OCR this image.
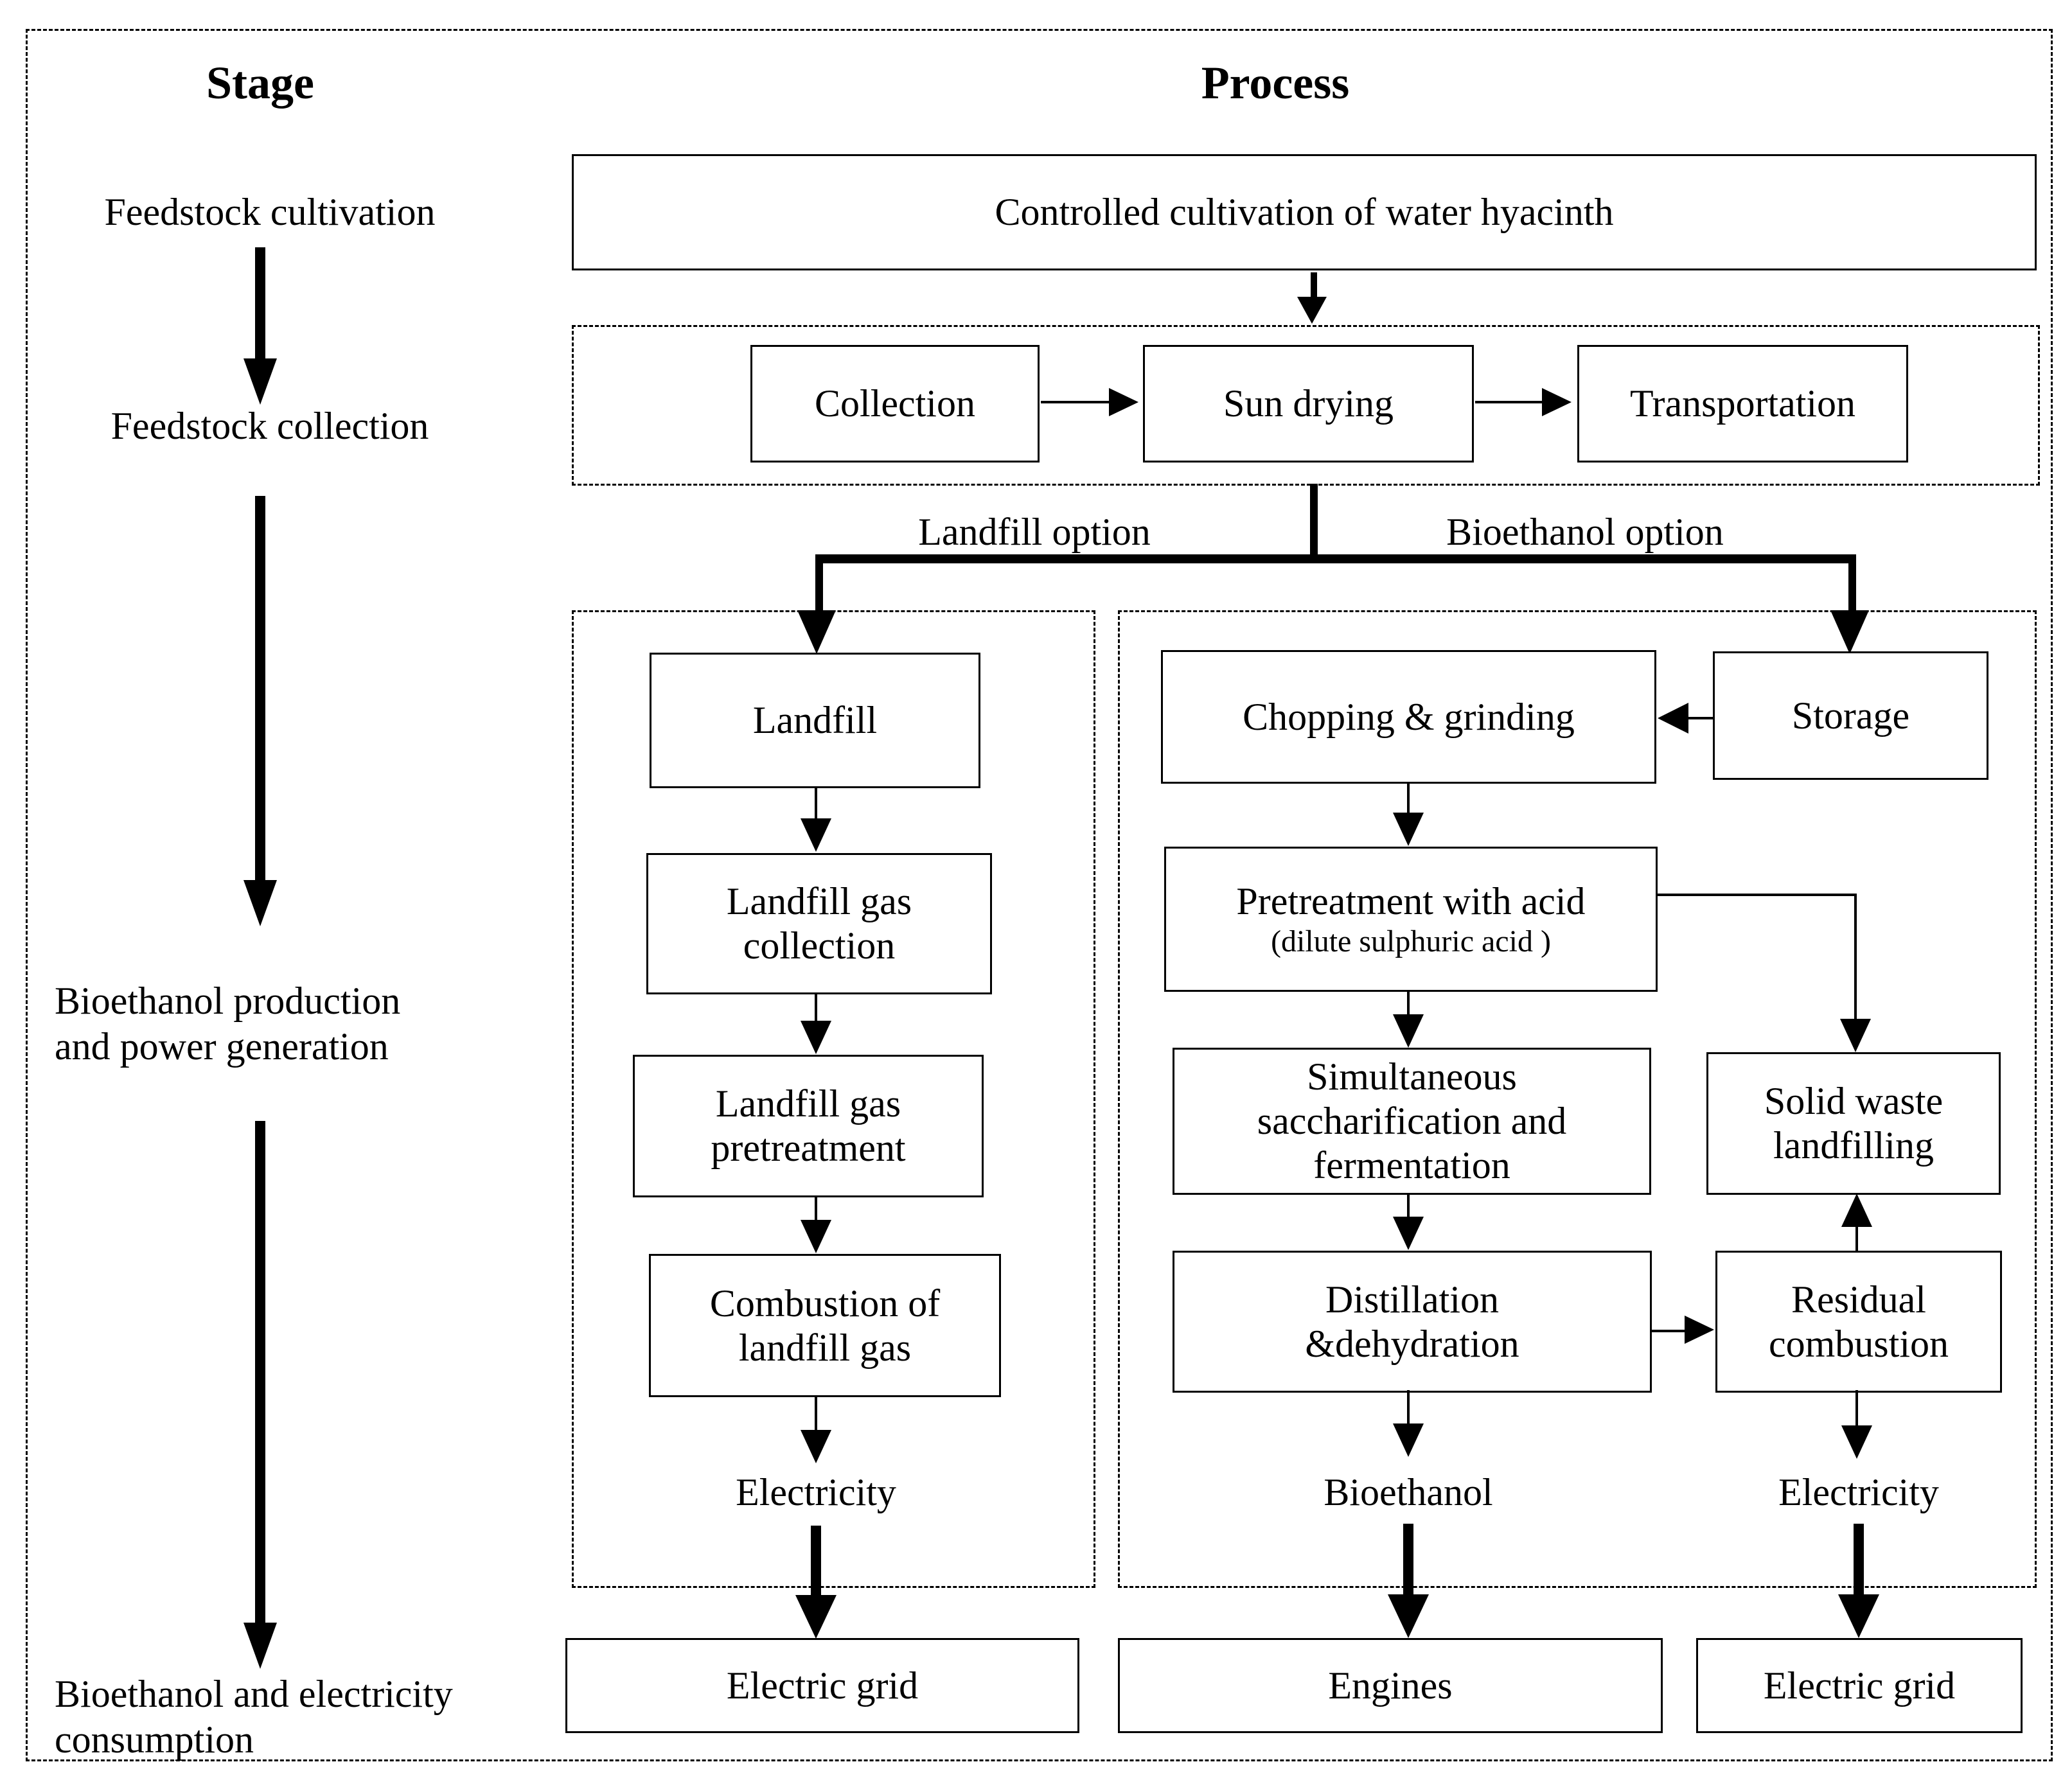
Stage	Process
Feedstock cultivation
Feedstock collection
Bioethanol production
and power generation
Bioethanol and electricity
consumption
Controlled cultivation of water hyacinth
Collection	Sun drying	Transportation
Landfill option	Bioethanol option
Landfill
Landfill gas
collection
Landfill gas
pretreatment
Combustion of
landfill gas
Electricity
Electric grid
Chopping & grinding	Storage
Pretreatment with acid
(dilute sulphuric acid )
Simultaneous
saccharification and
fermentation
Solid waste
landfilling
Distillation
&dehydration
Residual
combustion
Bioethanol	Electricity
Engines	Electric grid
